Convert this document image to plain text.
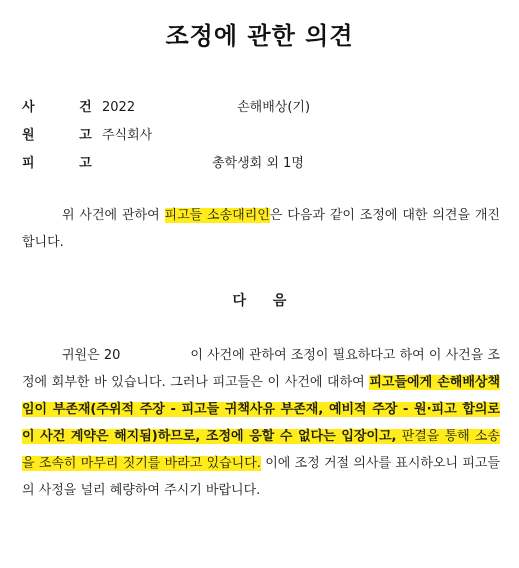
조정에 관한 의견
사 건 2022	손해배상(기)
원 고 주식회사
피 고	총학생회 외 1명
위 사건에 관하여 피고들 소송대리인은 다음과 같이 조정에 대한 의견을 개진합니다.
다 음
귀원은 20	이 사건에 관하여 조정이 필요하다고 하여 이 사건을 조정에 회부한 바 있습니다. 그러나 피고들은 이 사건에 대하여 피고들에게 손해배상책임이 부존재(주위적 주장 - 피고들 귀책사유 부존재, 예비적 주장 - 원·피고 합의로 이 사건 계약은 해지됨)하므로, 조정에 응할 수 없다는 입장이고, 판결을 통해 소송을 조속히 마무리 짓기를 바라고 있습니다. 이에 조정 거절 의사를 표시하오니 피고들의 사정을 널리 혜량하여 주시기 바랍니다.
